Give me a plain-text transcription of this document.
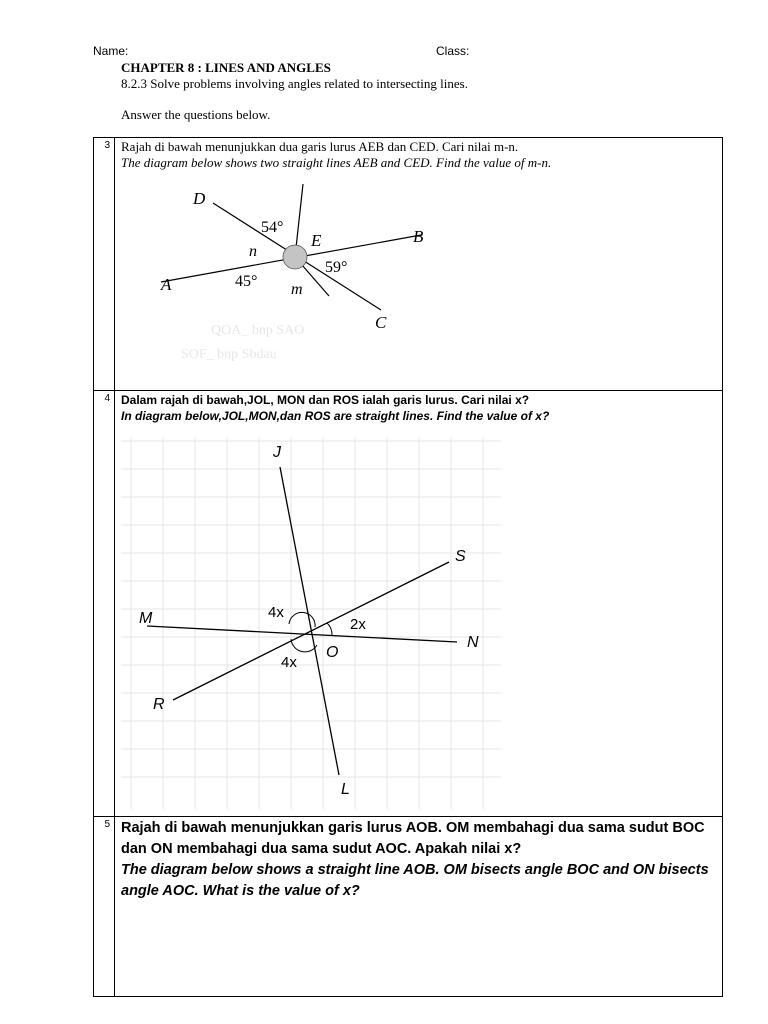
Name:	Class:
CHAPTER 8 : LINES AND ANGLES
8.2.3 Solve problems involving angles related to intersecting lines.
Answer the questions below.
3 Rajah di bawah menunjukkan dua garis lurus AEB dan CED. Cari nilai m-n.
The diagram below shows two straight lines AEB and CED. Find the value of m-n.
QOA_ bnp SAO
SOF_ bnp Sbdau
D
E	B
A
C
54°
n
45°
59°
m
4 Dalam rajah di bawah,JOL, MON dan ROS ialah garis lurus. Cari nilai x?
In diagram below,JOL,MON,dan ROS are straight lines. Find the value of x?
J
S
M
O
N
R
L
4x
2x
4x
5 Rajah di bawah menunjukkan garis lurus AOB. OM membahagi dua sama sudut BOC dan ON membahagi dua sama sudut AOC. Apakah nilai x?
The diagram below shows a straight line AOB. OM bisects angle BOC and ON bisects angle AOC. What is the value of x?
